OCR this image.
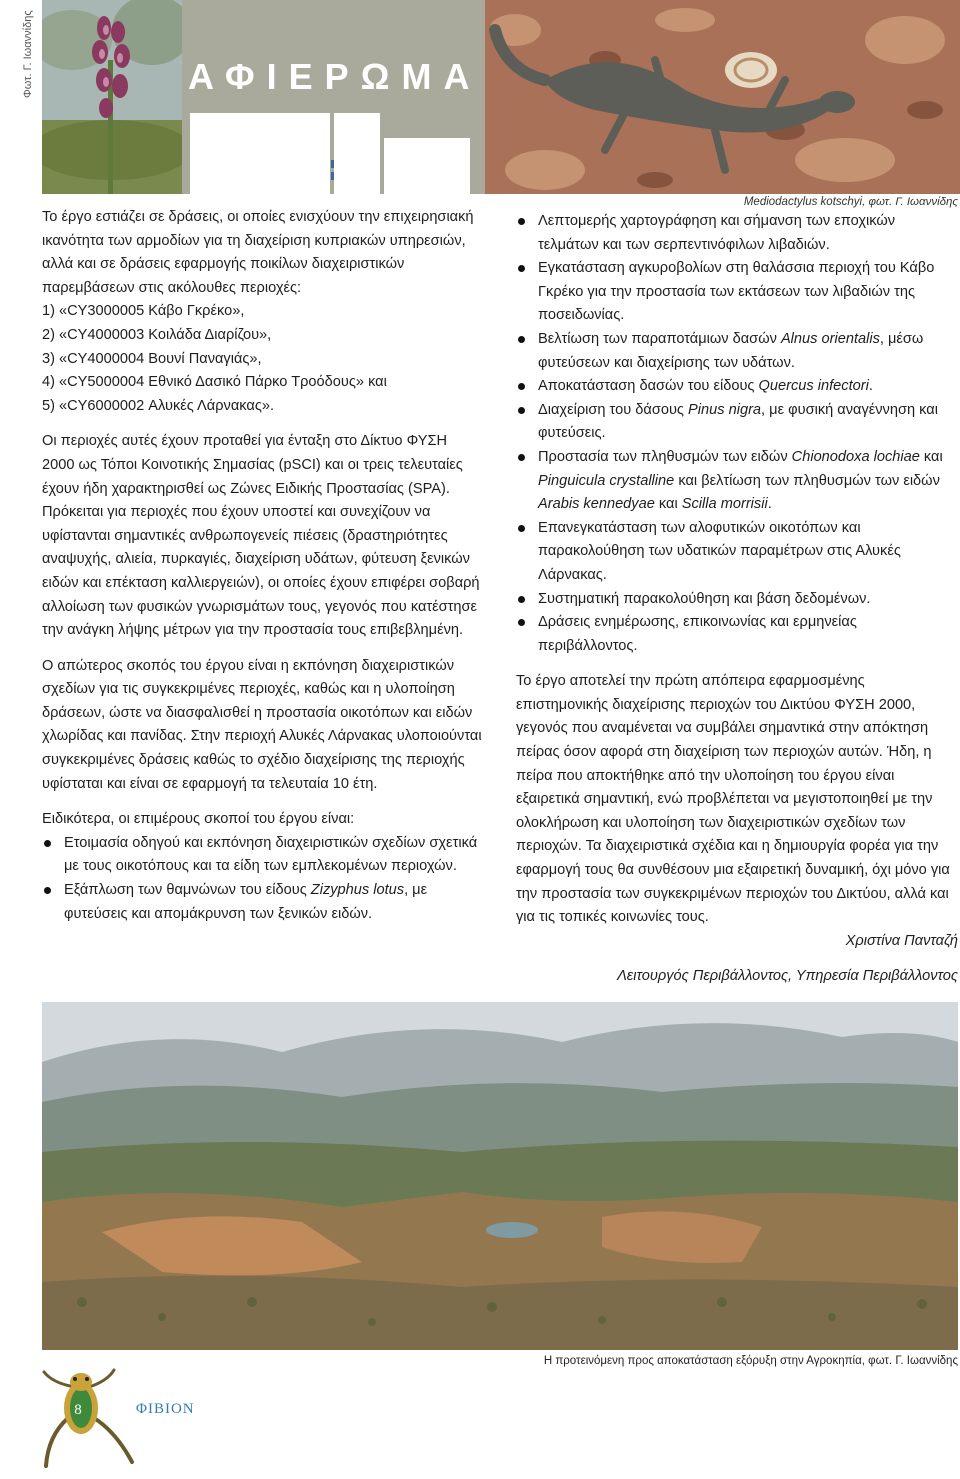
Φωτ. Γ. Ιωαννίδης	ΑΦΙΕΡΩΜΑ
Mediodactylus kotschyi, φωτ. Γ. Ιωαννίδης

Το έργο εστιάζει σε δράσεις, οι οποίες ενισχύουν την επιχειρησιακή ικανότητα των αρμοδίων για τη διαχείριση κυπριακών υπηρεσιών, αλλά και σε δράσεις εφαρμογής ποικίλων διαχειριστικών παρεμβάσεων στις ακόλουθες περιοχές:

1) «CY3000005 Κάβο Γκρέκο»,
2) «CY4000003 Κοιλάδα Διαρίζου»,
3) «CY4000004 Βουνί Παναγιάς»,
4) «CY5000004 Εθνικό Δασικό Πάρκο Τροόδους» και
5) «CY6000002 Αλυκές Λάρνακας».

Οι περιοχές αυτές έχουν προταθεί για ένταξη στο Δίκτυο ΦΥΣΗ 2000 ως Τόποι Κοινοτικής Σημασίας (pSCI) και οι τρεις τελευταίες έχουν ήδη χαρακτηρισθεί ως Ζώνες Ειδικής Προστασίας (SPA). Πρόκειται για περιοχές που έχουν υποστεί και συνεχίζουν να υφίστανται σημαντικές ανθρωπογενείς πιέσεις (δραστηριότητες αναψυχής, αλιεία, πυρκαγιές, διαχείριση υδάτων, φύτευση ξενικών ειδών και επέκταση καλλιεργειών), οι οποίες έχουν επιφέρει σοβαρή αλλοίωση των φυσικών γνωρισμάτων τους, γεγονός που κατέστησε την ανάγκη λήψης μέτρων για την προστασία τους επιβεβλημένη.

Ο απώτερος σκοπός του έργου είναι η εκπόνηση διαχειριστικών σχεδίων για τις συγκεκριμένες περιοχές, καθώς και η υλοποίηση δράσεων, ώστε να διασφαλισθεί η προστασία οικοτόπων και ειδών χλωρίδας και πανίδας. Στην περιοχή Αλυκές Λάρνακας υλοποιούνται συγκεκριμένες δράσεις καθώς το σχέδιο διαχείρισης της περιοχής υφίσταται και είναι σε εφαρμογή τα τελευταία 10 έτη.

Ειδικότερα, οι επιμέρους σκοποί του έργου είναι:

Ετοιμασία οδηγού και εκπόνηση διαχειριστικών σχεδίων σχετικά με τους οικοτόπους και τα είδη των εμπλεκομένων περιοχών.
Εξάπλωση των θαμνώνων του είδους Zizyphus lotus, με φυτεύσεις και απομάκρυνση των ξενικών ειδών.
Λεπτομερής χαρτογράφηση και σήμανση των εποχικών τελμάτων και των σερπεντινόφιλων λιβαδιών.
Εγκατάσταση αγκυροβολίων στη θαλάσσια περιοχή του Κάβο Γκρέκο για την προστασία των εκτάσεων των λιβαδιών της ποσειδωνίας.
Βελτίωση των παραποτάμιων δασών Alnus orientalis, μέσω φυτεύσεων και διαχείρισης των υδάτων.
Αποκατάσταση δασών του είδους Quercus infectori.
Διαχείριση του δάσους Pinus nigra, με φυσική αναγέννηση και φυτεύσεις.
Προστασία των πληθυσμών των ειδών Chionodoxa lochiae και Pinguicula crystalline και βελτίωση των πληθυσμών των ειδών Arabis kennedyae και Scilla morrisii.
Επανεγκατάσταση των αλοφυτικών οικοτόπων και παρακολούθηση των υδατικών παραμέτρων στις Αλυκές Λάρνακας.
Συστηματική παρακολούθηση και βάση δεδομένων.
Δράσεις ενημέρωσης, επικοινωνίας και ερμηνείας περιβάλλοντος.

Το έργο αποτελεί την πρώτη απόπειρα εφαρμοσμένης επιστημονικής διαχείρισης περιοχών του Δικτύου ΦΥΣΗ 2000, γεγονός που αναμένεται να συμβάλει σημαντικά στην απόκτηση πείρας όσον αφορά στη διαχείριση των περιοχών αυτών. Ήδη, η πείρα που αποκτήθηκε από την υλοποίηση του έργου είναι εξαιρετικά σημαντική, ενώ προβλέπεται να μεγιστοποιηθεί με την ολοκλήρωση και υλοποίηση των διαχειριστικών σχεδίων των περιοχών. Τα διαχειριστικά σχέδια και η δημιουργία φορέα για την εφαρμογή τους θα συνθέσουν μια εξαιρετική δυναμική, όχι μόνο για την προστασία των συγκεκριμένων περιοχών του Δικτύου, αλλά και για τις τοπικές κοινωνίες τους.

Χριστίνα Πανταζή

Λειτουργός Περιβάλλοντος, Υπηρεσία Περιβάλλοντος

Η προτεινόμενη προς αποκατάσταση εξόρυξη στην Αγροκηπία, φωτ. Γ. Ιωαννίδης
8	ΦΙΒΙΟΝ
